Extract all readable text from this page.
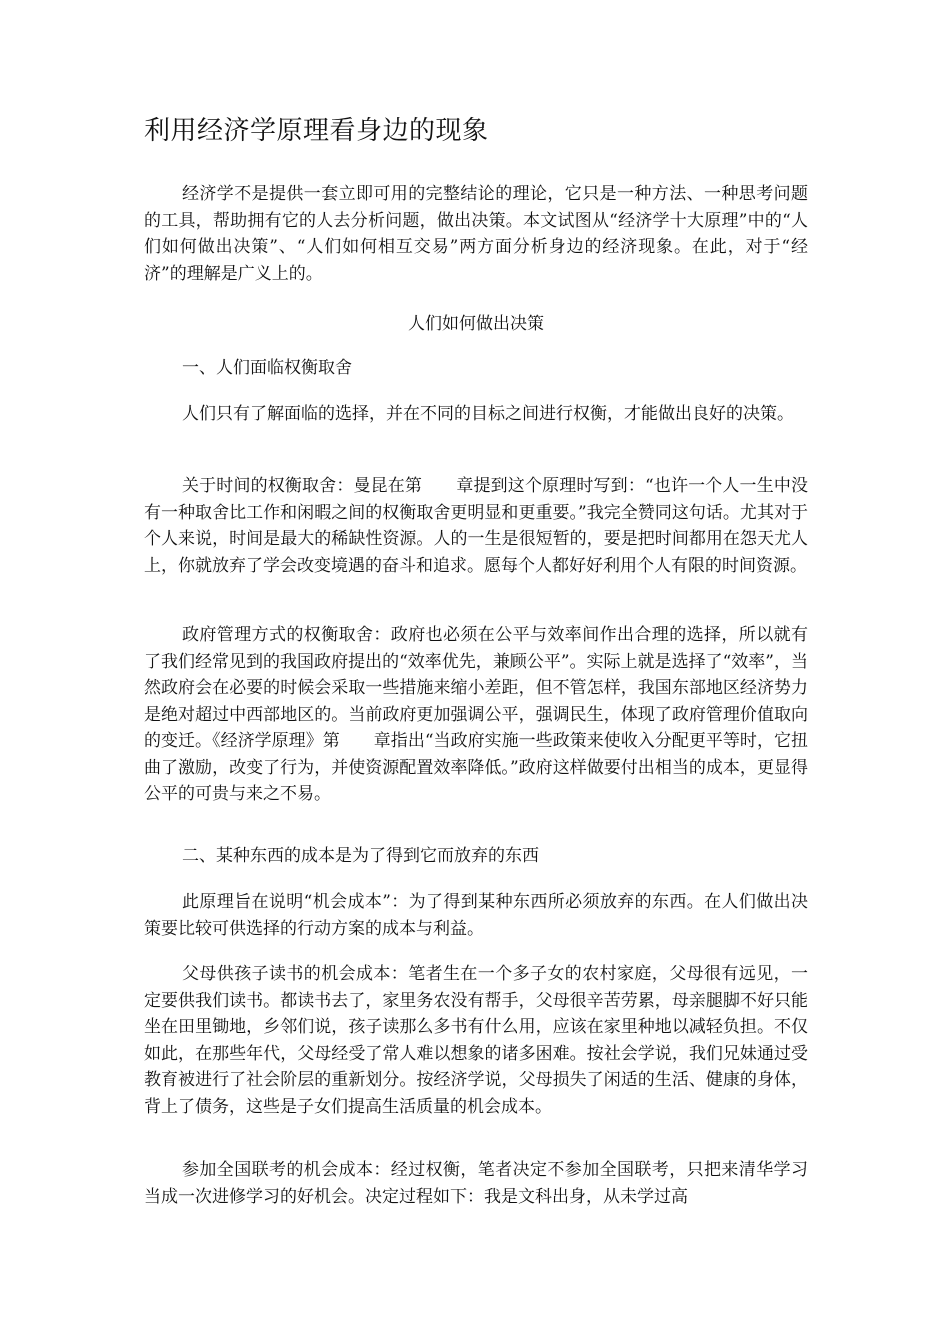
利用经济学原理看身边的现象

经济学不是提供一套立即可用的完整结论的理论，它只是一种方法、一种思考问题的工具，帮助拥有它的人去分析问题，做出决策。本文试图从“经济学十大原理”中的“人们如何做出决策”、“人们如何相互交易”两方面分析身边的经济现象。在此，对于“经济”的理解是广义上的。

人们如何做出决策

一、人们面临权衡取舍

人们只有了解面临的选择，并在不同的目标之间进行权衡，才能做出良好的决策。

关于时间的权衡取舍：曼昆在第　　章提到这个原理时写到：“也许一个人一生中没有一种取舍比工作和闲暇之间的权衡取舍更明显和更重要。”我完全赞同这句话。尤其对于个人来说，时间是最大的稀缺性资源。人的一生是很短暂的，要是把时间都用在怨天尤人上，你就放弃了学会改变境遇的奋斗和追求。愿每个人都好好利用个人有限的时间资源。

政府管理方式的权衡取舍：政府也必须在公平与效率间作出合理的选择，所以就有了我们经常见到的我国政府提出的“效率优先，兼顾公平”。实际上就是选择了“效率”，当然政府会在必要的时候会采取一些措施来缩小差距，但不管怎样，我国东部地区经济势力是绝对超过中西部地区的。当前政府更加强调公平，强调民生，体现了政府管理价值取向的变迁。《经济学原理》第　　章指出“当政府实施一些政策来使收入分配更平等时，它扭曲了激励，改变了行为，并使资源配置效率降低。”政府这样做要付出相当的成本，更显得公平的可贵与来之不易。

二、某种东西的成本是为了得到它而放弃的东西

此原理旨在说明“机会成本”：为了得到某种东西所必须放弃的东西。在人们做出决策要比较可供选择的行动方案的成本与利益。

父母供孩子读书的机会成本：笔者生在一个多子女的农村家庭，父母很有远见，一定要供我们读书。都读书去了，家里务农没有帮手，父母很辛苦劳累，母亲腿脚不好只能坐在田里锄地，乡邻们说，孩子读那么多书有什么用，应该在家里种地以减轻负担。不仅如此，在那些年代，父母经受了常人难以想象的诸多困难。按社会学说，我们兄妹通过受教育被进行了社会阶层的重新划分。按经济学说，父母损失了闲适的生活、健康的身体，背上了债务，这些是子女们提高生活质量的机会成本。

参加全国联考的机会成本：经过权衡，笔者决定不参加全国联考，只把来清华学习当成一次进修学习的好机会。决定过程如下：我是文科出身，从未学过高
